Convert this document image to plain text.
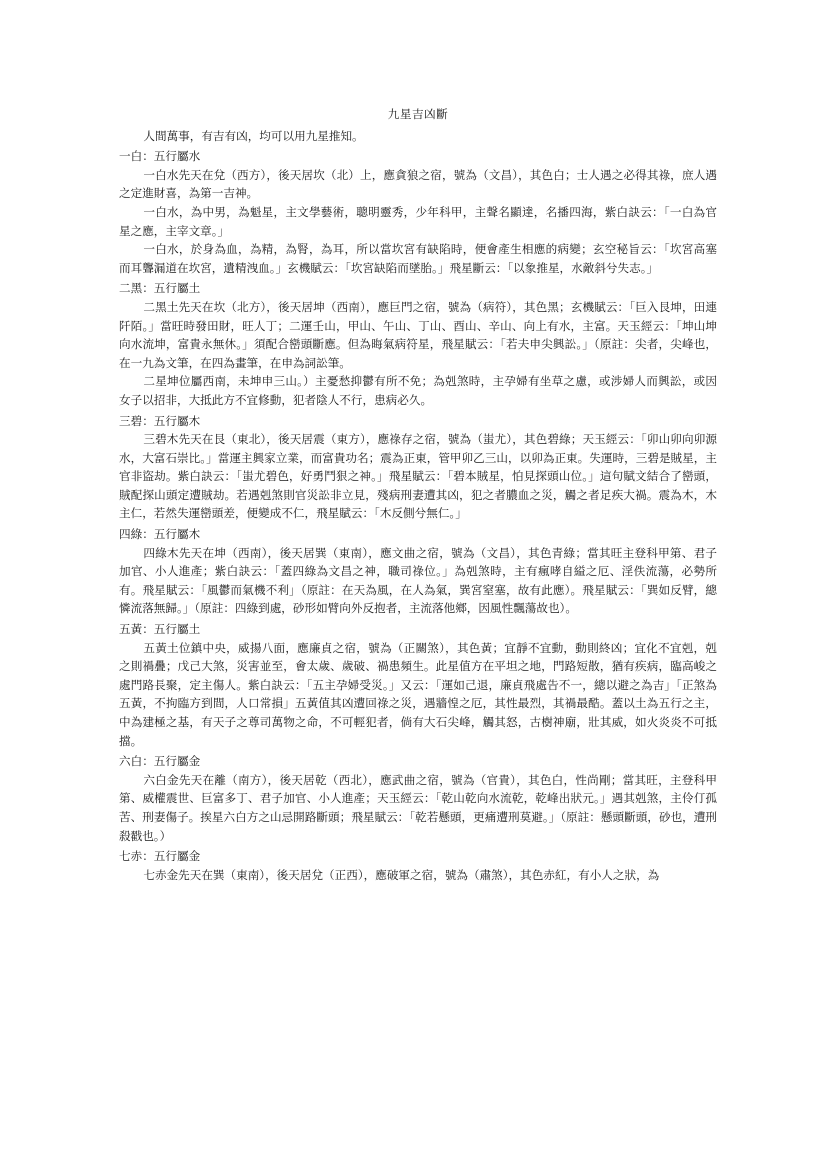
九星吉凶斷

人間萬事，有吉有凶，均可以用九星推知。

一白：五行屬水

一白水先天在兌（西方），後天居坎（北）上，應貪狼之宿，號為（文昌），其色白；士人遇之必得其祿，庶人遇之定進財喜，為第一吉神。

一白水，為中男，為魁星，主文學藝術，聰明靈秀，少年科甲，主聲名顯達，名播四海，紫白訣云：「一白為官星之應，主宰文章。」

一白水，於身為血，為精，為腎，為耳，所以當坎宮有缺陷時，便會產生相應的病變；玄空秘旨云：「坎宮高塞而耳聾漏道在坎宮，遺精洩血。」玄機賦云：「坎宮缺陷而墜胎。」飛星斷云：「以象推星，水敵斜兮失志。」

二黑：五行屬土

二黑土先天在坎（北方），後天居坤（西南），應巨門之宿，號為（病符），其色黑；玄機賦云：「巨入艮坤，田連阡陌。」當旺時發田財，旺人丁；二運壬山，甲山、午山、丁山、酉山、辛山、向上有水，主富。天玉經云：「坤山坤向水流坤，富貴永無休。」須配合巒頭斷應。但為晦氣病符星，飛星賦云：「若夫申尖興訟。」（原註：尖者，尖峰也，在一九為文筆，在四為畫筆，在申為詞訟筆。

二星坤位屬西南，未坤申三山。）主憂愁抑鬱有所不免；為剋煞時，主孕婦有坐草之慮，或涉婦人而興訟，或因女子以招非，大抵此方不宜修動，犯者陰人不行，患病必久。

三碧：五行屬木

三碧木先天在艮（東北），後天居震（東方），應祿存之宿，號為（蚩尤），其色碧綠；天玉經云：「卯山卯向卯源水，大富石崇比。」當運主興家立業，而富貴功名；震為正東，管甲卯乙三山，以卯為正東。失運時，三碧是賊星，主官非盜劫。紫白訣云：「蚩尤碧色，好勇鬥狠之神。」飛星賦云：「碧本賊星，怕見探頭山位。」這句賦文結合了巒頭，賊配探山頭定遭賊劫。若遇剋煞則官災訟非立見，殘病刑妻遭其凶，犯之者膿血之災，觸之者足疾大禍。震為木，木主仁，若然失運巒頭差，便變成不仁，飛星賦云：「木反側兮無仁。」

四綠：五行屬木

四綠木先天在坤（西南），後天居巽（東南），應文曲之宿，號為（文昌），其色青綠；當其旺主登科甲第、君子加官、小人進產；紫白訣云：「蓋四綠為文昌之神，職司祿位。」為剋煞時，主有瘋哮自縊之厄、淫佚流蕩，必勢所有。飛星賦云：「風鬱而氣機不利」（原註：在天為風，在人為氣，巽宮窒塞，故有此應）。飛星賦云：「巽如反臂，總憐流落無歸。」（原註：四綠到處，砂形如臂向外反抱者，主流落他鄉，因風性飄蕩故也）。

五黃：五行屬土

五黃土位鎮中央，威揚八面，應廉貞之宿，號為（正關煞），其色黃；宜靜不宜動，動則終凶；宜化不宜剋，剋之則禍疊；戊己大煞，災害並至，會太歲、歲破、禍患頻生。此星值方在平坦之地，門路短散，猶有疾病，臨高峻之處門路長聚，定主傷人。紫白訣云：「五主孕婦受災。」又云：「運如己退，廉貞飛處告不一，總以避之為吉」「正煞為五黃，不拘臨方到間，人口常損」五黃值其凶遭回祿之災，遇牆惶之厄，其性最烈，其禍最酷。蓋以土為五行之主，中為建極之基，有天子之尊司萬物之命，不可輕犯者，倘有大石尖峰，觸其怒，古樹神廟，壯其威，如火炎炎不可抵擋。

六白：五行屬金

六白金先天在離（南方），後天居乾（西北），應武曲之宿，號為（官貴），其色白，性尚剛；當其旺，主登科甲第、威權震世、巨富多丁、君子加官、小人進產；天玉經云：「乾山乾向水流乾，乾峰出狀元。」遇其剋煞，主伶仃孤苦、刑妻傷子。挨星六白方之山忌開路斷頭；飛星賦云：「乾若懸頭，更痛遭刑莫避。」（原註：懸頭斷頭，砂也，遭刑殺戳也。）

七赤：五行屬金

七赤金先天在巽（東南），後天居兌（正西），應破軍之宿，號為（肅煞），其色赤紅，有小人之狀，為
